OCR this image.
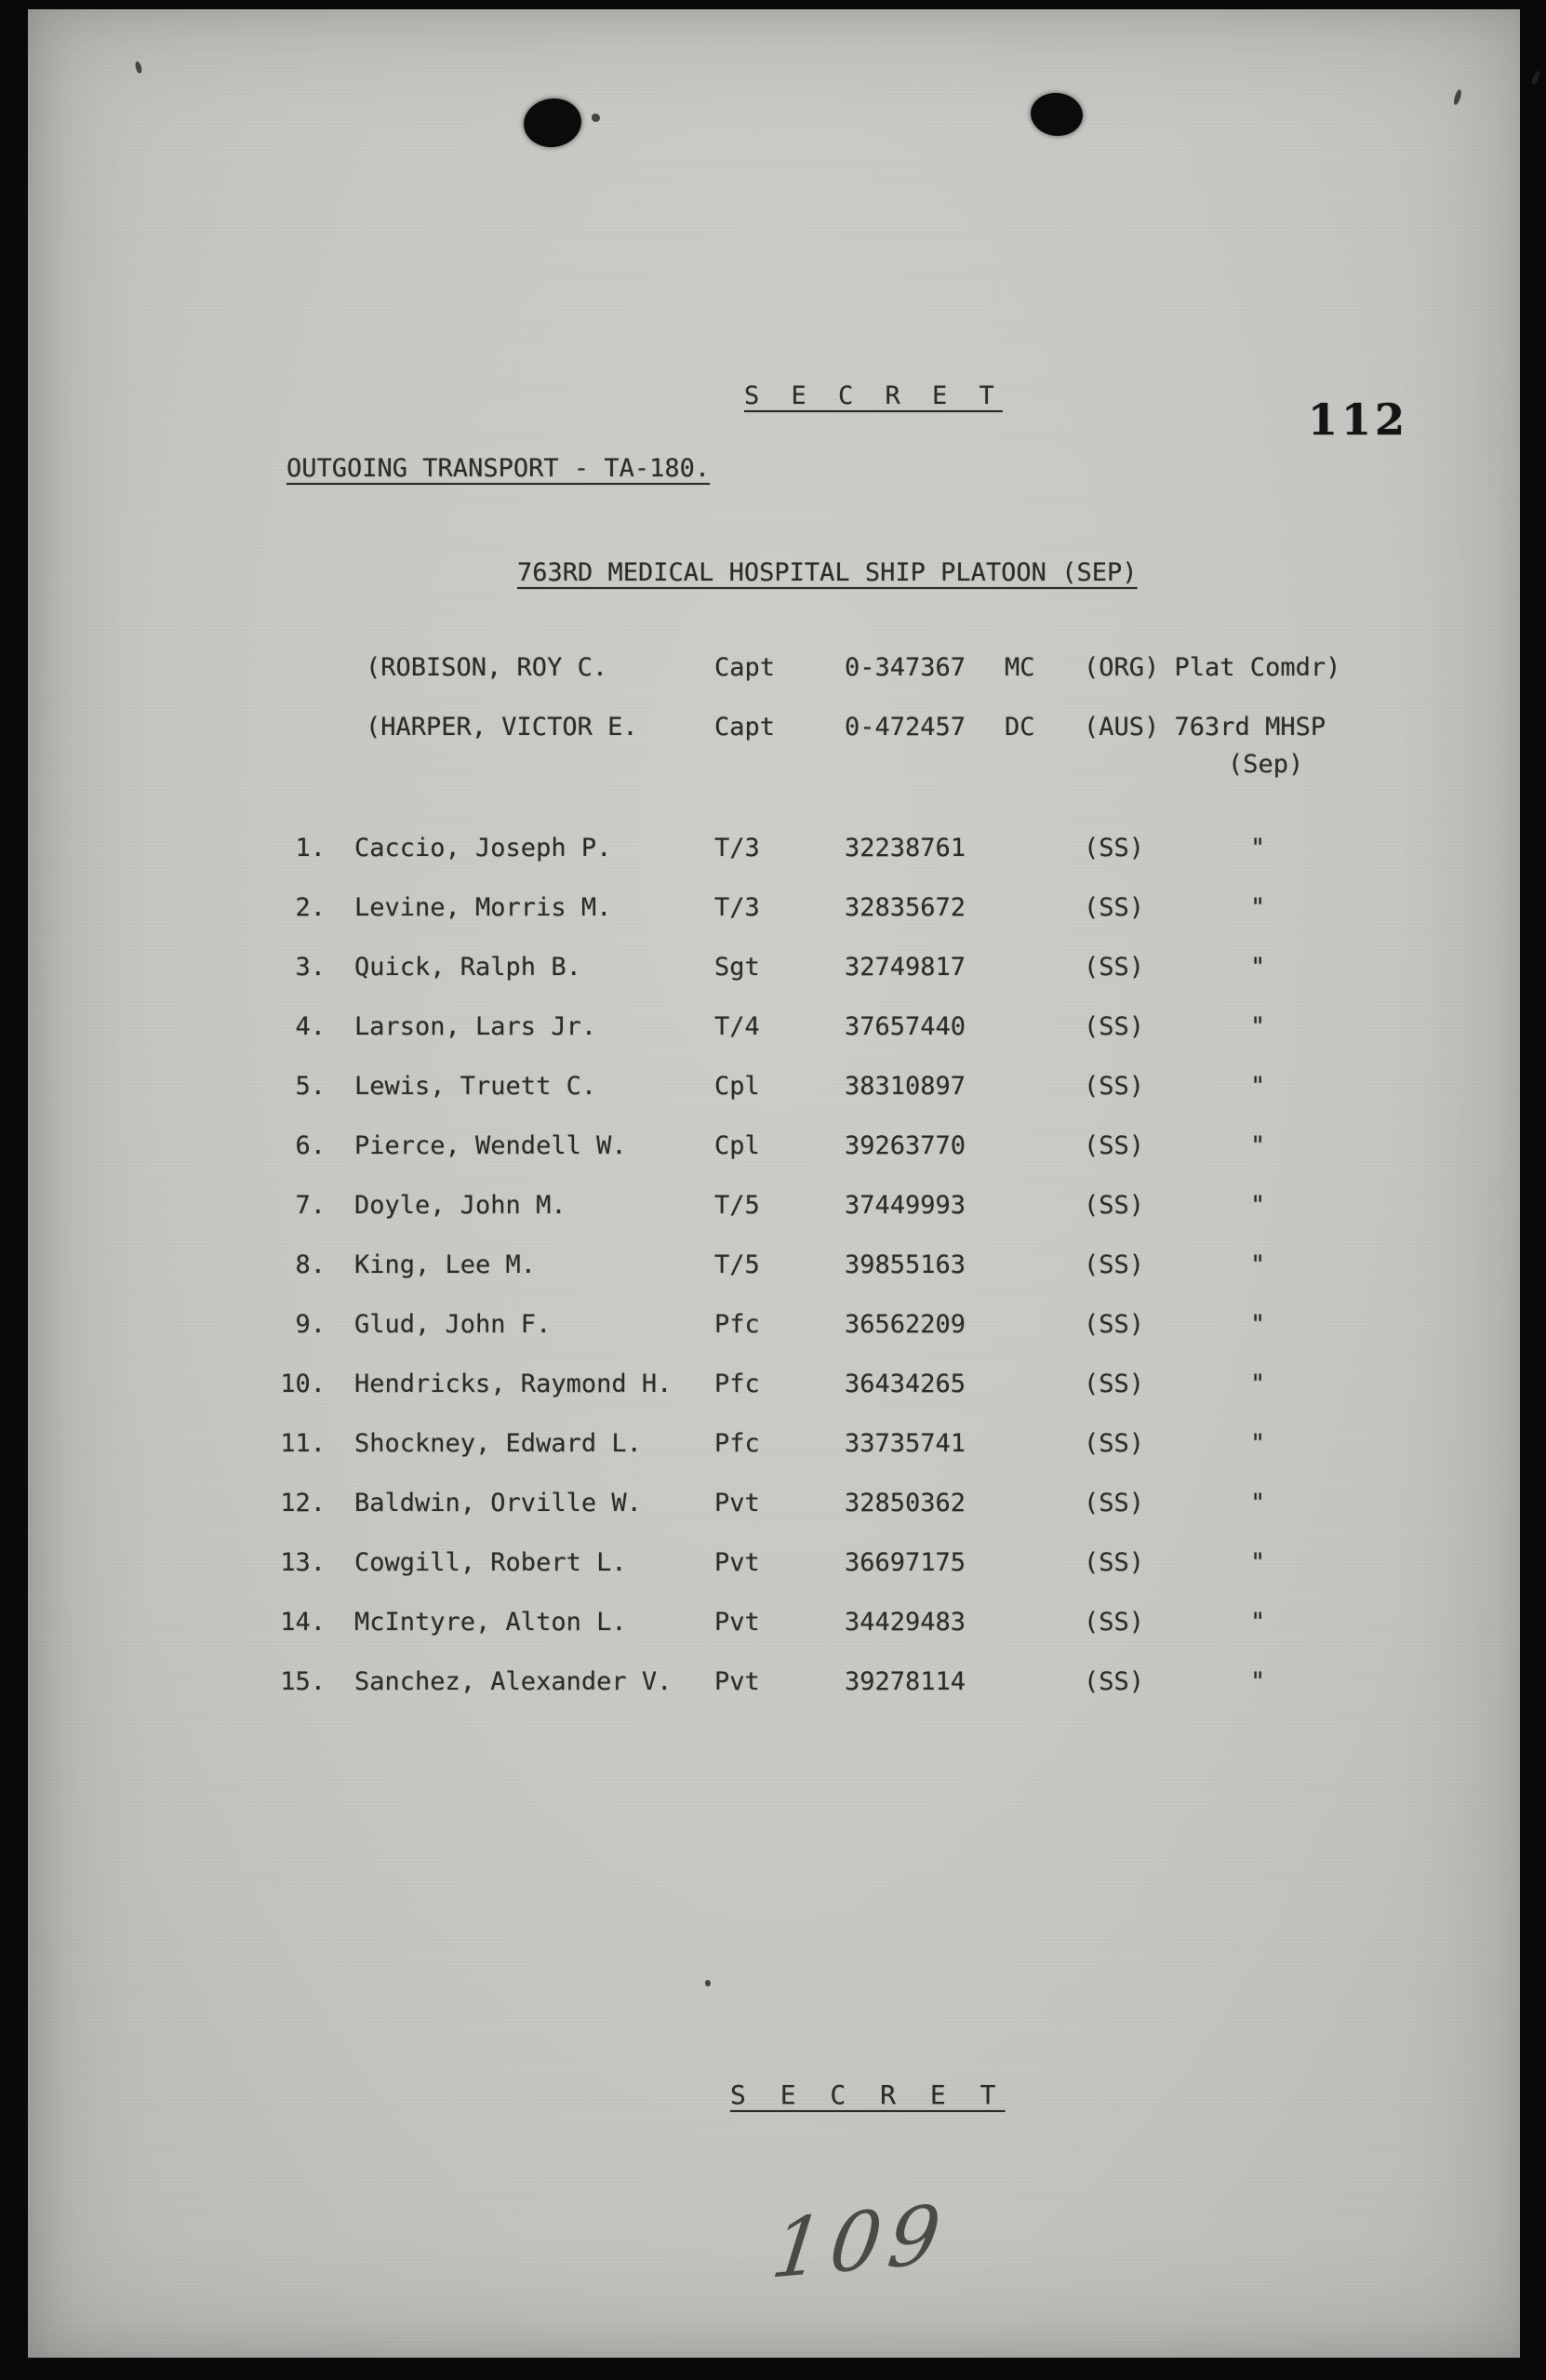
S E C R E T	112
OUTGOING TRANSPORT - TA-180.
763RD MEDICAL HOSPITAL SHIP PLATOON (SEP)
(ROBISON, ROY C.	Capt	0-347367 MC (ORG) Plat Comdr)
(HARPER, VICTOR E.	Capt	0-472457 DC (AUS) 763rd MHSP
(Sep)
1. Caccio, Joseph P.	T/3	32238761	(SS)	"
2. Levine, Morris M.	T/3	32835672	(SS)	"
3. Quick, Ralph B.	Sgt	32749817	(SS)	"
4. Larson, Lars Jr.	T/4	37657440	(SS)	"
5. Lewis, Truett C.	Cpl	38310897	(SS)	"
6. Pierce, Wendell W.	Cpl	39263770	(SS)	"
7. Doyle, John M.	T/5	37449993	(SS)	"
8. King, Lee M.	T/5	39855163	(SS)	"
9. Glud, John F.	Pfc	36562209	(SS)	"
10. Hendricks, Raymond H. Pfc	36434265	(SS)	"
11. Shockney, Edward L.	Pfc	33735741	(SS)	"
12. Baldwin, Orville W.	Pvt	32850362	(SS)	"
13. Cowgill, Robert L.	Pvt	36697175	(SS)	"
14. McIntyre, Alton L.	Pvt	34429483	(SS)	"
15. Sanchez, Alexander V. Pvt	39278114	(SS)	"
S E C R E T
109
